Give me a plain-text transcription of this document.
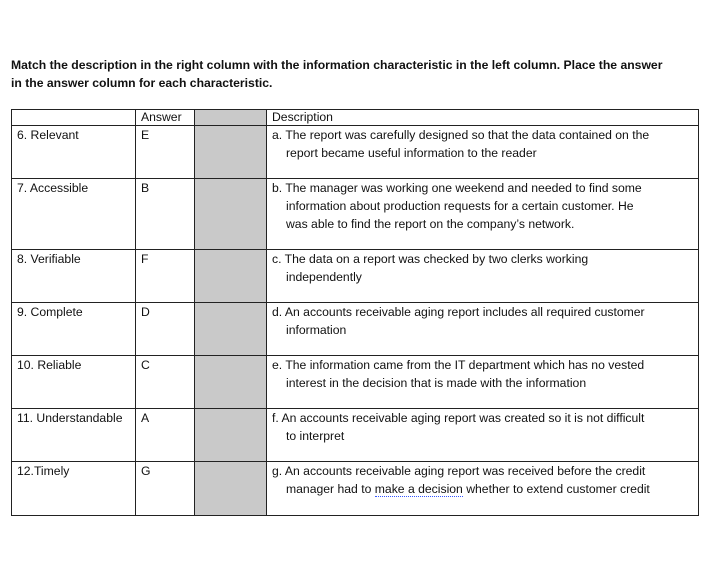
Match the description in the right column with the information characteristic in the left column. Place the answer
in the answer column for each characteristic.
	Answer		Description
6. Relevant	E		a. The report was carefully designed so that the data contained on the
report became useful information to the reader

7. Accessible	B		b. The manager was working one weekend and needed to find some
information about production requests for a certain customer. He
was able to find the report on the company’s network.

8. Verifiable	F		c. The data on a report was checked by two clerks working
independently

9. Complete	D		d. An accounts receivable aging report includes all required customer
information

10. Reliable	C		e. The information came from the IT department which has no vested
interest in the decision that is made with the information

11. Understandable	A		f. An accounts receivable aging report was created so it is not difficult
to interpret

12.Timely	G		g. An accounts receivable aging report was received before the credit
manager had to make a decision whether to extend customer credit
